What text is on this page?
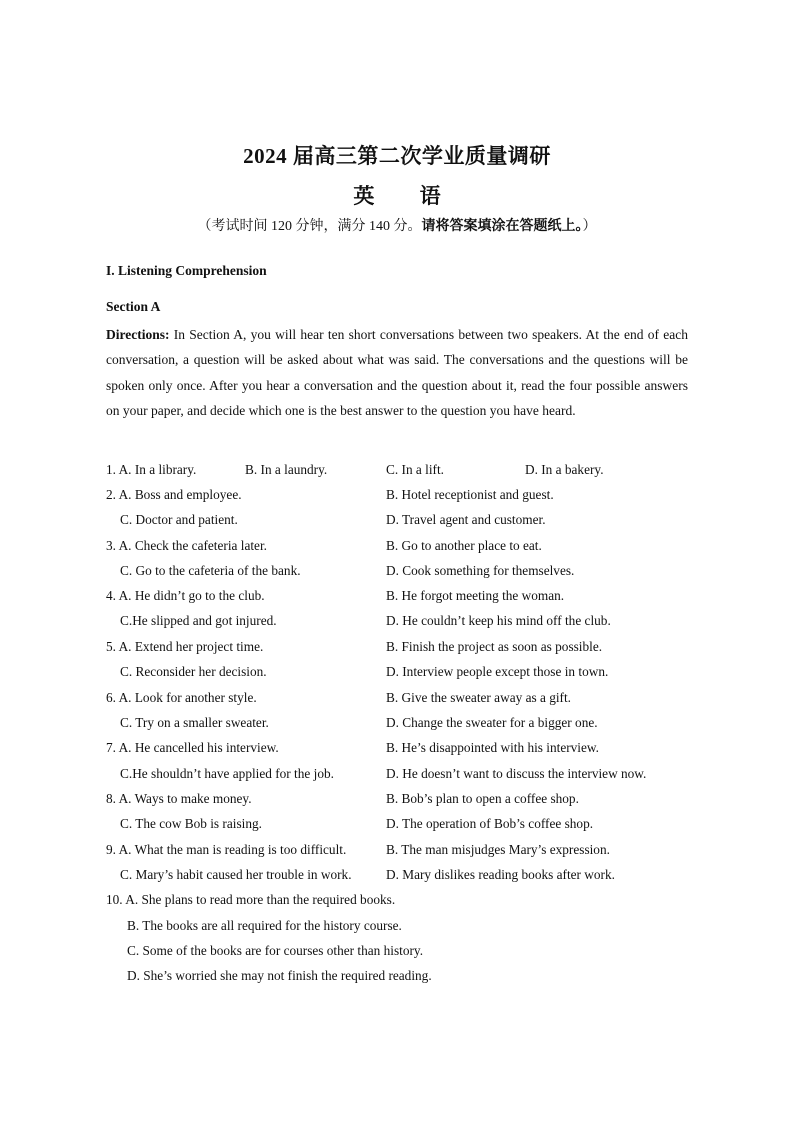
2024 届高三第二次学业质量调研
英 语
（考试时间 120 分钟，满分 140 分。请将答案填涂在答题纸上。）
I. Listening Comprehension
Section A
Directions: In Section A, you will hear ten short conversations between two speakers. At the end of each conversation, a question will be asked about what was said. The conversations and the questions will be spoken only once. After you hear a conversation and the question about it, read the four possible answers on your paper, and decide which one is the best answer to the question you have heard.
1. A. In a library.	B. In a laundry.	C. In a lift.	D. In a bakery.
2. A. Boss and employee.	B. Hotel receptionist and guest.
C. Doctor and patient.	D. Travel agent and customer.
3. A. Check the cafeteria later.	B. Go to another place to eat.
C. Go to the cafeteria of the bank.	D. Cook something for themselves.
4. A. He didn’t go to the club.	B. He forgot meeting the woman.
C.He slipped and got injured.	D. He couldn’t keep his mind off the club.
5. A. Extend her project time.	B. Finish the project as soon as possible.
C. Reconsider her decision.	D. Interview people except those in town.
6. A. Look for another style.	B. Give the sweater away as a gift.
C. Try on a smaller sweater.	D. Change the sweater for a bigger one.
7. A. He cancelled his interview.	B. He’s disappointed with his interview.
C.He shouldn’t have applied for the job.	D. He doesn’t want to discuss the interview now.
8. A. Ways to make money.	B. Bob’s plan to open a coffee shop.
C. The cow Bob is raising.	D. The operation of Bob’s coffee shop.
9. A. What the man is reading is too difficult.	B. The man misjudges Mary’s expression.
C. Mary’s habit caused her trouble in work.	D. Mary dislikes reading books after work.
10. A. She plans to read more than the required books.
B. The books are all required for the history course.
C. Some of the books are for courses other than history.
D. She’s worried she may not finish the required reading.
